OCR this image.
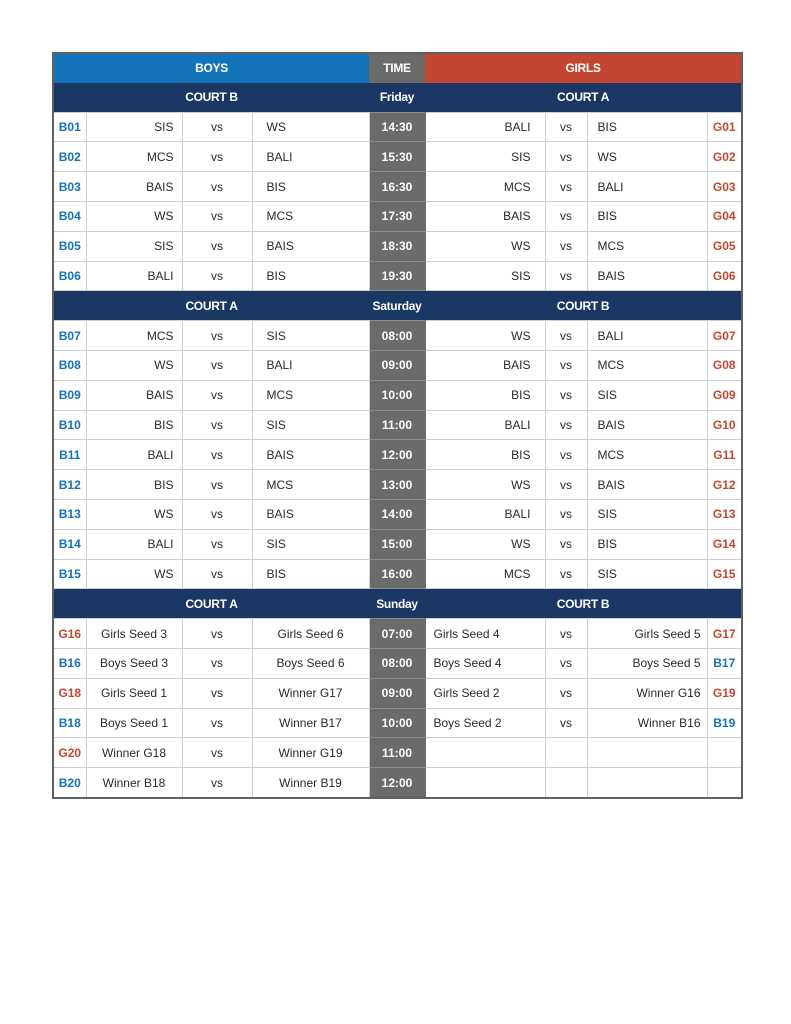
BOYS				TIME	GIRLS			
COURT B				Friday	COURT A			
B01	SIS	vs	WS	14:30	BALI	vs	BIS	G01
B02	MCS	vs	BALI	15:30	SIS	vs	WS	G02
B03	BAIS	vs	BIS	16:30	MCS	vs	BALI	G03
B04	WS	vs	MCS	17:30	BAIS	vs	BIS	G04
B05	SIS	vs	BAIS	18:30	WS	vs	MCS	G05
B06	BALI	vs	BIS	19:30	SIS	vs	BAIS	G06
COURT A				Saturday	COURT B			
B07	MCS	vs	SIS	08:00	WS	vs	BALI	G07
B08	WS	vs	BALI	09:00	BAIS	vs	MCS	G08
B09	BAIS	vs	MCS	10:00	BIS	vs	SIS	G09
B10	BIS	vs	SIS	11:00	BALI	vs	BAIS	G10
B11	BALI	vs	BAIS	12:00	BIS	vs	MCS	G11
B12	BIS	vs	MCS	13:00	WS	vs	BAIS	G12
B13	WS	vs	BAIS	14:00	BALI	vs	SIS	G13
B14	BALI	vs	SIS	15:00	WS	vs	BIS	G14
B15	WS	vs	BIS	16:00	MCS	vs	SIS	G15
COURT A				Sunday	COURT B			
G16	Girls Seed 3	vs	Girls Seed 6	07:00	Girls Seed 4	vs	Girls Seed 5	G17
B16	Boys Seed 3	vs	Boys Seed 6	08:00	Boys Seed 4	vs	Boys Seed 5	B17
G18	Girls Seed 1	vs	Winner G17	09:00	Girls Seed 2	vs	Winner G16	G19
B18	Boys Seed 1	vs	Winner B17	10:00	Boys Seed 2	vs	Winner B16	B19
G20	Winner G18	vs	Winner G19	11:00				
B20	Winner B18	vs	Winner B19	12:00				
